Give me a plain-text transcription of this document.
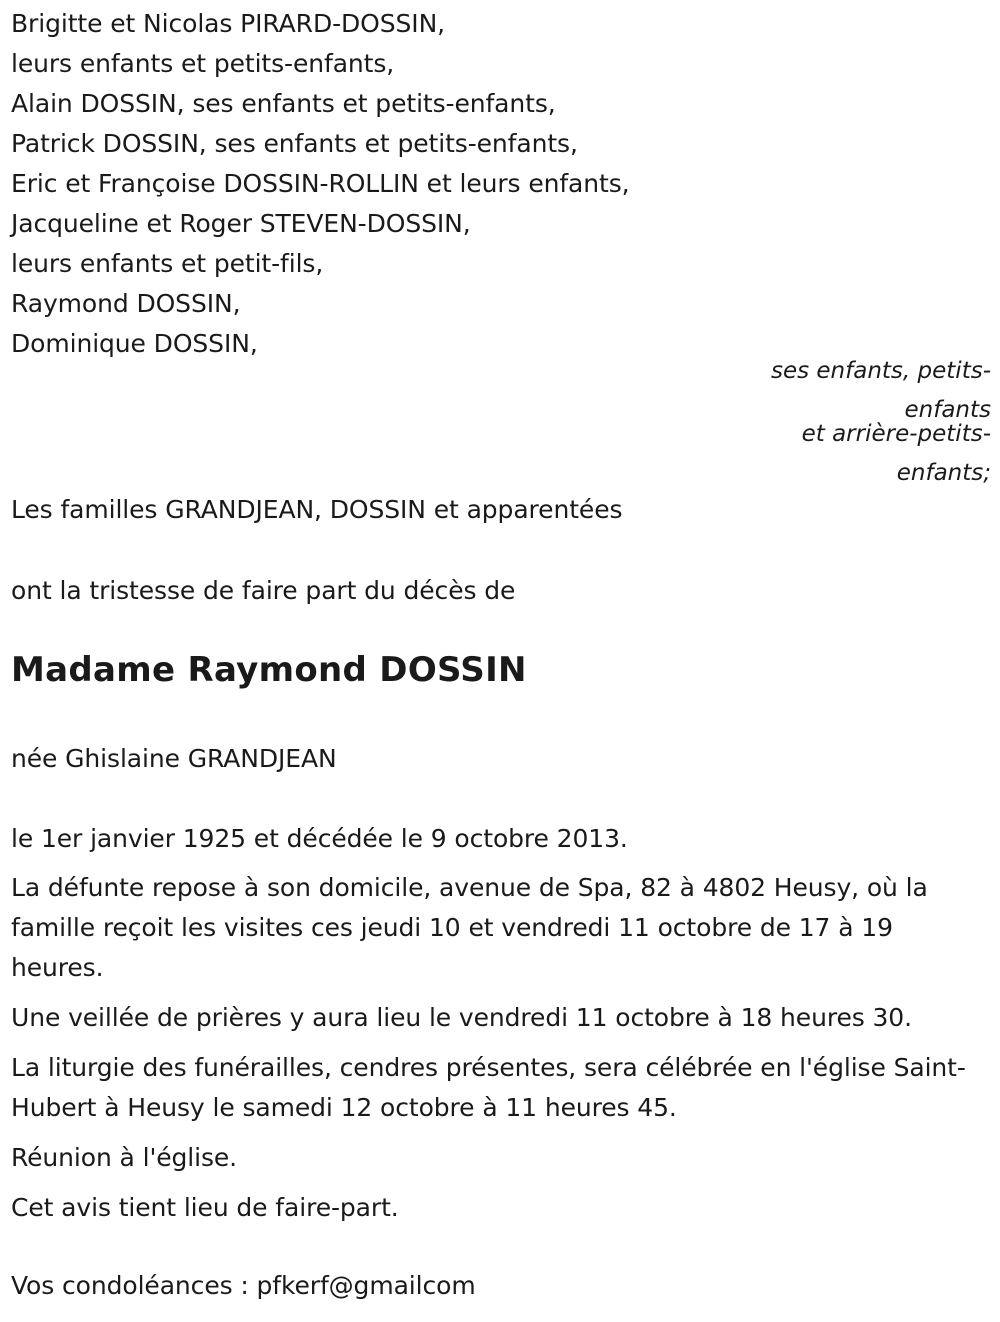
Brigitte et Nicolas PIRARD-DOSSIN,
leurs enfants et petits-enfants,
Alain DOSSIN, ses enfants et petits-enfants,
Patrick DOSSIN, ses enfants et petits-enfants,
Eric et Françoise DOSSIN-ROLLIN et leurs enfants,
Jacqueline et Roger STEVEN-DOSSIN,
leurs enfants et petit-fils,
Raymond DOSSIN,
Dominique DOSSIN,
ses enfants, petits-enfants
et arrière-petits-enfants;
Les familles GRANDJEAN, DOSSIN et apparentées
ont la tristesse de faire part du décès de
Madame Raymond DOSSIN
née Ghislaine GRANDJEAN
le 1er janvier 1925 et décédée le 9 octobre 2013.
La défunte repose à son domicile, avenue de Spa, 82 à 4802 Heusy, où la famille reçoit les visites ces jeudi 10 et vendredi 11 octobre de 17 à 19 heures.
Une veillée de prières y aura lieu le vendredi 11 octobre à 18 heures 30.
La liturgie des funérailles, cendres présentes, sera célébrée en l'église Saint-Hubert à Heusy le samedi 12 octobre à 11 heures 45.
Réunion à l'église.
Cet avis tient lieu de faire-part.
Vos condoléances : pfkerf@gmailcom
